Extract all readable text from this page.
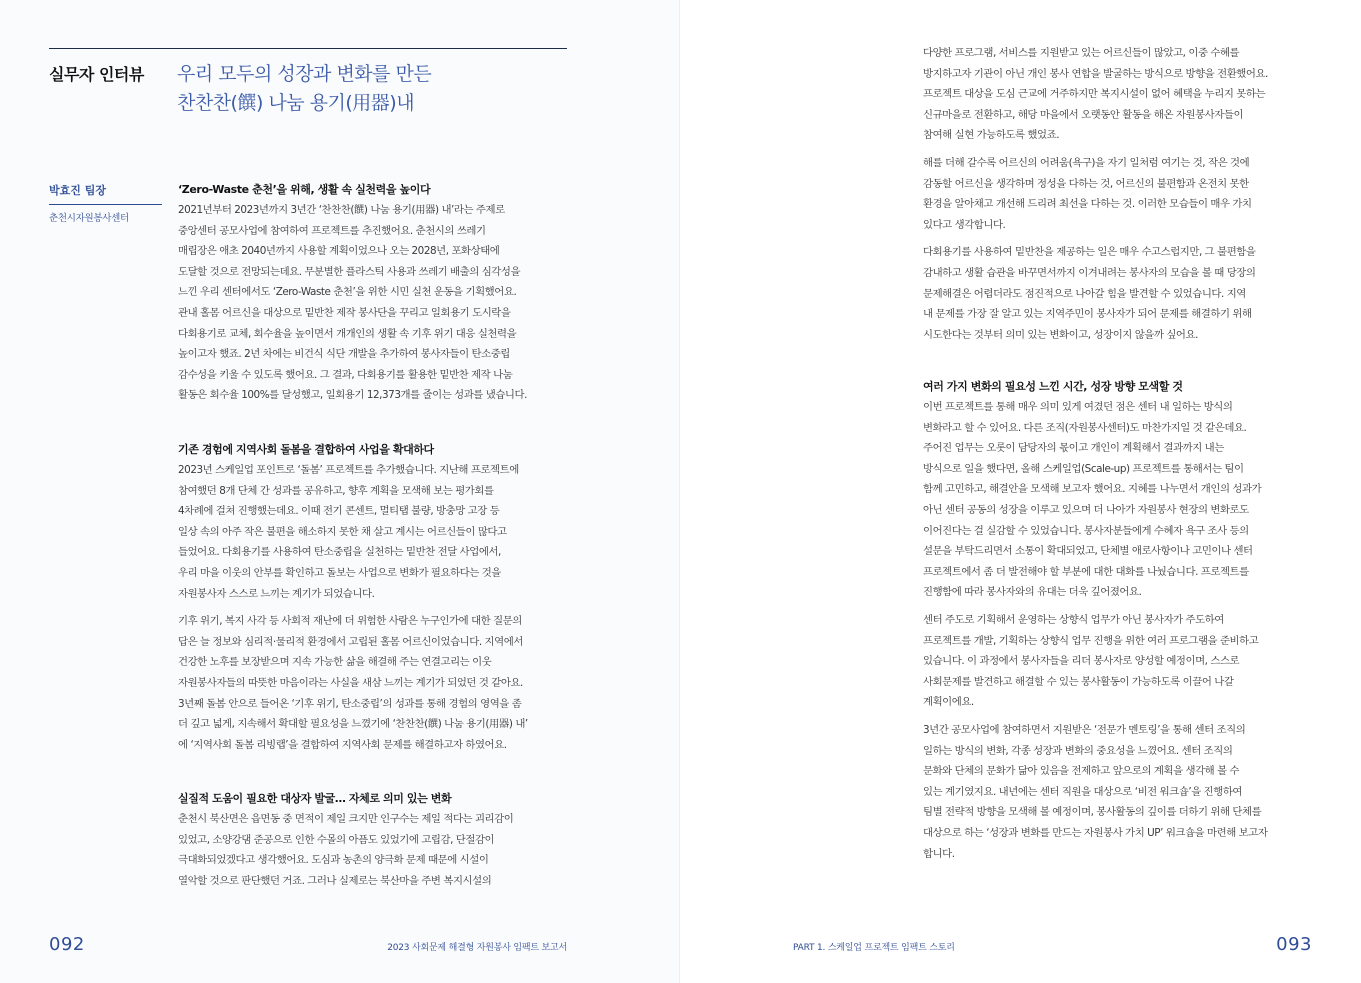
실무자 인터뷰 우리 모두의 성장과 변화를 만든
찬찬찬(饌) 나눔 용기(用器)내
박효진 팀장
춘천시자원봉사센터
092	2023 사회문제 해결형 자원봉사 임팩트 보고서
‘Zero-Waste 춘천’을 위해, 생활 속 실천력을 높이다
2021년부터 2023년까지 3년간 ‘찬찬찬(饌) 나눔 용기(用器) 내’라는 주제로
중앙센터 공모사업에 참여하여 프로젝트를 추진했어요. 춘천시의 쓰레기
매립장은 애초 2040년까지 사용할 계획이었으나 오는 2028년, 포화상태에
도달할 것으로 전망되는데요. 무분별한 플라스틱 사용과 쓰레기 배출의 심각성을
느낀 우리 센터에서도 ‘Zero-Waste 춘천’을 위한 시민 실천 운동을 기획했어요.
관내 홀몸 어르신을 대상으로 밑반찬 제작 봉사단을 꾸리고 일회용기 도시락을
다회용기로 교체, 회수율을 높이면서 개개인의 생활 속 기후 위기 대응 실천력을
높이고자 했죠. 2년 차에는 비건식 식단 개발을 추가하여 봉사자들이 탄소중립
감수성을 키울 수 있도록 했어요. 그 결과, 다회용기를 활용한 밑반찬 제작 나눔
활동은 회수율 100%를 달성했고, 일회용기 12,373개를 줄이는 성과를 냈습니다.
기존 경험에 지역사회 돌봄을 결합하여 사업을 확대하다
2023년 스케일업 포인트로 ‘돌봄’ 프로젝트를 추가했습니다. 지난해 프로젝트에
참여했던 8개 단체 간 성과를 공유하고, 향후 계획을 모색해 보는 평가회를
4차례에 걸쳐 진행했는데요. 이때 전기 콘센트, 멀티탭 불량, 방충망 고장 등
일상 속의 아주 작은 불편을 해소하지 못한 채 살고 계시는 어르신들이 많다고
들었어요. 다회용기를 사용하여 탄소중립을 실천하는 밑반찬 전달 사업에서,
우리 마을 이웃의 안부를 확인하고 돌보는 사업으로 변화가 필요하다는 것을
자원봉사자 스스로 느끼는 계기가 되었습니다.
기후 위기, 복지 사각 등 사회적 재난에 더 위험한 사람은 누구인가에 대한 질문의
답은 늘 정보와 심리적·물리적 환경에서 고립된 홀몸 어르신이었습니다. 지역에서
건강한 노후를 보장받으며 지속 가능한 삶을 해결해 주는 연결고리는 이웃
자원봉사자들의 따뜻한 마음이라는 사실을 새삼 느끼는 계기가 되었던 것 같아요.
3년째 돌봄 안으로 들어온 ‘기후 위기, 탄소중립’의 성과를 통해 경험의 영역을 좀
더 깊고 넓게, 지속해서 확대할 필요성을 느꼈기에 ‘찬찬찬(饌) 나눔 용기(用器) 내’
에 ‘지역사회 돌봄 리빙랩’을 결합하여 지역사회 문제를 해결하고자 하였어요.
실질적 도움이 필요한 대상자 발굴… 자체로 의미 있는 변화
춘천시 북산면은 읍면동 중 면적이 제일 크지만 인구수는 제일 적다는 괴리감이
있었고, 소양강댐 준공으로 인한 수몰의 아픔도 있었기에 고립감, 단절감이
극대화되었겠다고 생각했어요. 도심과 농촌의 양극화 문제 때문에 시설이
열악할 것으로 판단했던 거죠. 그러나 실제로는 북산마을 주변 복지시설의
PART 1. 스케일업 프로젝트 임팩트 스토리	093
다양한 프로그램, 서비스를 지원받고 있는 어르신들이 많았고, 이중 수혜를
방지하고자 기관이 아닌 개인 봉사 연합을 발굴하는 방식으로 방향을 전환했어요.
프로젝트 대상을 도심 근교에 거주하지만 복지시설이 없어 혜택을 누리지 못하는
신규마을로 전환하고, 해당 마을에서 오랫동안 활동을 해온 자원봉사자들이
참여해 실현 가능하도록 했었죠.
해를 더해 갈수록 어르신의 어려움(욕구)을 자기 일처럼 여기는 것, 작은 것에
감동할 어르신을 생각하며 정성을 다하는 것, 어르신의 불편함과 온전치 못한
환경을 알아채고 개선해 드리려 최선을 다하는 것. 이러한 모습들이 매우 가치
있다고 생각합니다.
다회용기를 사용하여 밑반찬을 제공하는 일은 매우 수고스럽지만, 그 불편함을
감내하고 생활 습관을 바꾸면서까지 이겨내려는 봉사자의 모습을 볼 때 당장의
문제해결은 어렵더라도 점진적으로 나아갈 힘을 발견할 수 있었습니다. 지역
내 문제를 가장 잘 알고 있는 지역주민이 봉사자가 되어 문제를 해결하기 위해
시도한다는 것부터 의미 있는 변화이고, 성장이지 않을까 싶어요.
여러 가지 변화의 필요성 느낀 시간, 성장 방향 모색할 것
이번 프로젝트를 통해 매우 의미 있게 여겼던 점은 센터 내 일하는 방식의
변화라고 할 수 있어요. 다른 조직(자원봉사센터)도 마찬가지일 것 같은데요.
주어진 업무는 오롯이 담당자의 몫이고 개인이 계획해서 결과까지 내는
방식으로 일을 했다면, 올해 스케일업(Scale-up) 프로젝트를 통해서는 팀이
함께 고민하고, 해결안을 모색해 보고자 했어요. 지혜를 나누면서 개인의 성과가
아닌 센터 공동의 성장을 이루고 있으며 더 나아가 자원봉사 현장의 변화로도
이어진다는 걸 실감할 수 있었습니다. 봉사자분들에게 수혜자 욕구 조사 등의
설문을 부탁드리면서 소통이 확대되었고, 단체별 애로사항이나 고민이나 센터
프로젝트에서 좀 더 발전해야 할 부분에 대한 대화를 나눴습니다. 프로젝트를
진행함에 따라 봉사자와의 유대는 더욱 깊어졌어요.
센터 주도로 기획해서 운영하는 상향식 업무가 아닌 봉사자가 주도하여
프로젝트를 개발, 기획하는 상향식 업무 진행을 위한 여러 프로그램을 준비하고
있습니다. 이 과정에서 봉사자들을 리더 봉사자로 양성할 예정이며, 스스로
사회문제를 발견하고 해결할 수 있는 봉사활동이 가능하도록 이끌어 나갈
계획이에요.
3년간 공모사업에 참여하면서 지원받은 ‘전문가 멘토링’을 통해 센터 조직의
일하는 방식의 변화, 각종 성장과 변화의 중요성을 느꼈어요. 센터 조직의
문화와 단체의 문화가 닮아 있음을 전제하고 앞으로의 계획을 생각해 볼 수
있는 계기였지요. 내년에는 센터 직원을 대상으로 ‘비전 워크숍’을 진행하여
팀별 전략적 방향을 모색해 볼 예정이며, 봉사활동의 깊이를 더하기 위해 단체를
대상으로 하는 ‘성장과 변화를 만드는 자원봉사 가치 UP’ 워크숍을 마련해 보고자
합니다.
